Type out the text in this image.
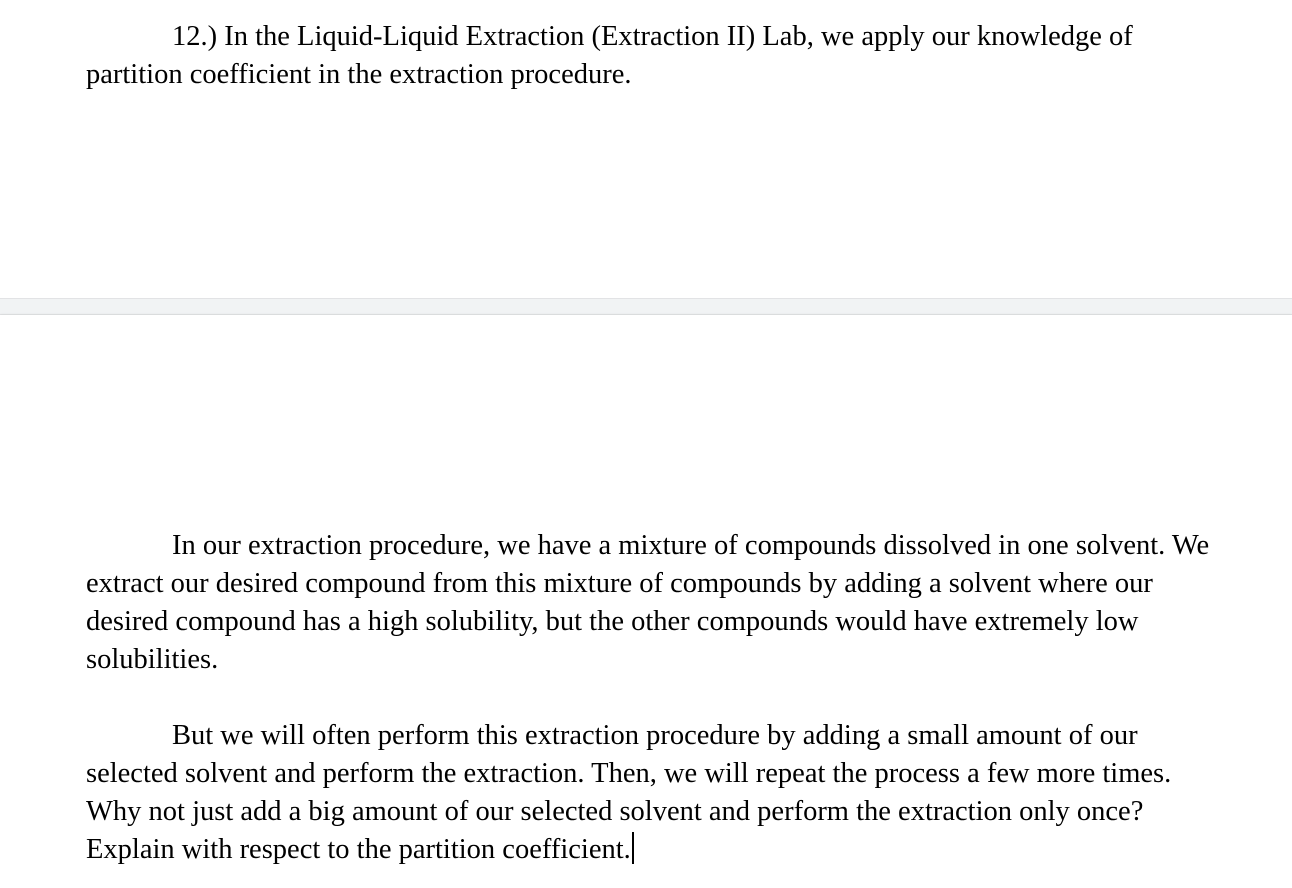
12.) In the Liquid-Liquid Extraction (Extraction II) Lab, we apply our knowledge of partition coefficient in the extraction procedure.

In our extraction procedure, we have a mixture of compounds dissolved in one solvent. We extract our desired compound from this mixture of compounds by adding a solvent where our desired compound has a high solubility, but the other compounds would have extremely low solubilities.

But we will often perform this extraction procedure by adding a small amount of our selected solvent and perform the extraction. Then, we will repeat the process a few more times. Why not just add a big amount of our selected solvent and perform the extraction only once? Explain with respect to the partition coefficient.
